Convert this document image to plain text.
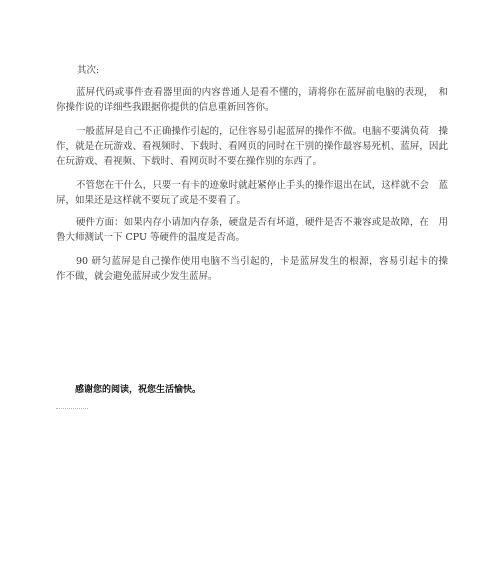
其次:

蓝屏代码或事件查看器里面的内容普通人是看不懂的，请将你在蓝屏前电脑的表现，　和你操作说的详细些我跟据你提供的信息重新回答你。

一般蓝屏是自己不正确操作引起的，记住容易引起蓝屏的操作不做。电脑不要满负荷　操作，就是在玩游戏、看视频时、下载时、看网页的同时在干别的操作最容易死机、蓝屏，因此在玩游戏、看视频、下载时、看网页时不要在操作别的东西了。

不管您在干什么，只要一有卡的迹象时就赶紧停止手头的操作退出在试，这样就不会　蓝屏，如果还是这样就不要玩了或是不要看了。

硬件方面：如果内存小请加内存条，硬盘是否有坏道，硬件是否不兼容或是故障，在　用鲁大师测试一下 CPU 等硬件的温度是否高。

90 研匀蓝屏是自己操作使用电脑不当引起的，卡是蓝屏发生的根源，容易引起卡的操　作不做，就会避免蓝屏或少发生蓝屏。

感谢您的阅读，祝您生活愉快。
